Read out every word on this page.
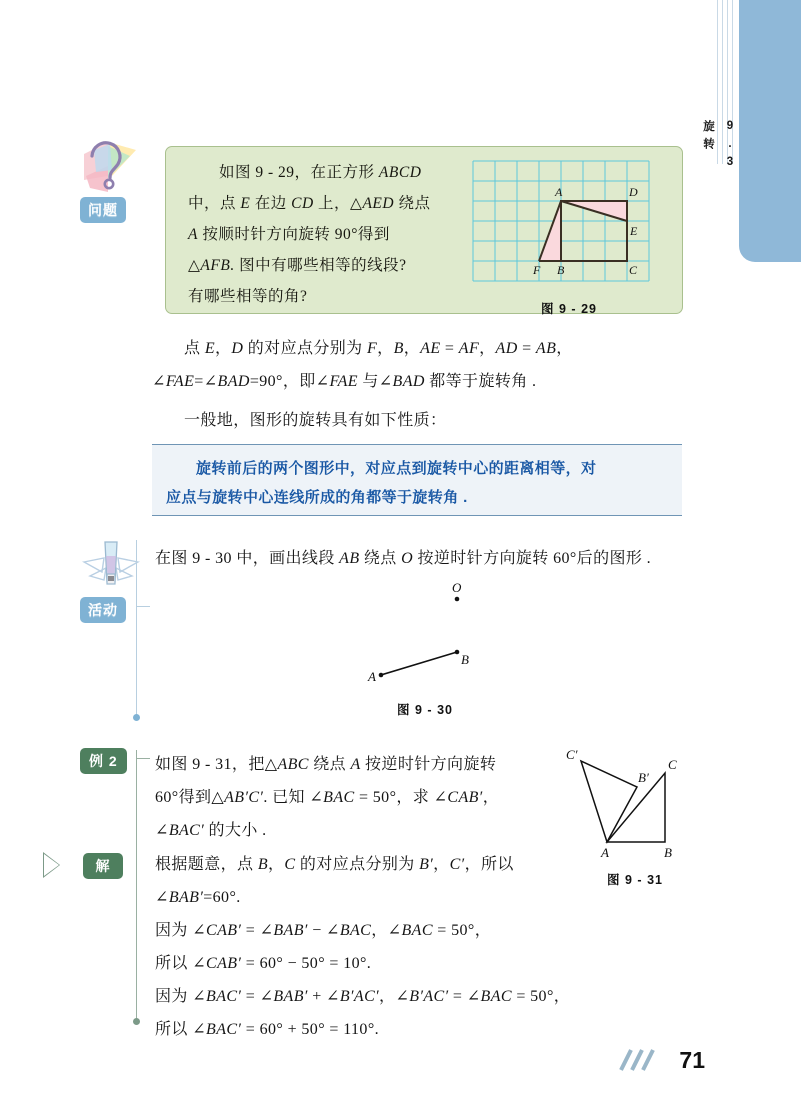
9.3
旋转
问题
如图 9 - 29，在正方形 ABCD
中，点 E 在边 CD 上，△AED 绕点
A 按顺时针方向旋转 90°得到
△AFB. 图中有哪些相等的线段?
有哪些相等的角?
A	D
E
C
B
F
图 9 - 29
点 E，D 的对应点分别为 F，B，AE = AF，AD = AB，
∠FAE=∠BAD=90°，即∠FAE 与∠BAD 都等于旋转角 .
一般地，图形的旋转具有如下性质：
旋转前后的两个图形中，对应点到旋转中心的距离相等，对
应点与旋转中心连线所成的角都等于旋转角 .
活动
在图 9 - 30 中，画出线段 AB 绕点 O 按逆时针方向旋转 60°后的图形 .
O
A
B
图 9 - 30
例 2
解
如图 9 - 31，把△ABC 绕点 A 按逆时针方向旋转
60°得到△AB′C′. 已知 ∠BAC = 50°，求 ∠CAB′，
∠BAC′ 的大小 .
A	B
C
B′
C′
图 9 - 31
根据题意，点 B，C 的对应点分别为 B′，C′，所以
∠BAB′=60°.
因为 ∠CAB′ = ∠BAB′ − ∠BAC，∠BAC = 50°，
所以 ∠CAB′ = 60° − 50° = 10°.
因为 ∠BAC′ = ∠BAB′ + ∠B′AC′，∠B′AC′ = ∠BAC = 50°，
所以 ∠BAC′ = 60° + 50° = 110°.
71
